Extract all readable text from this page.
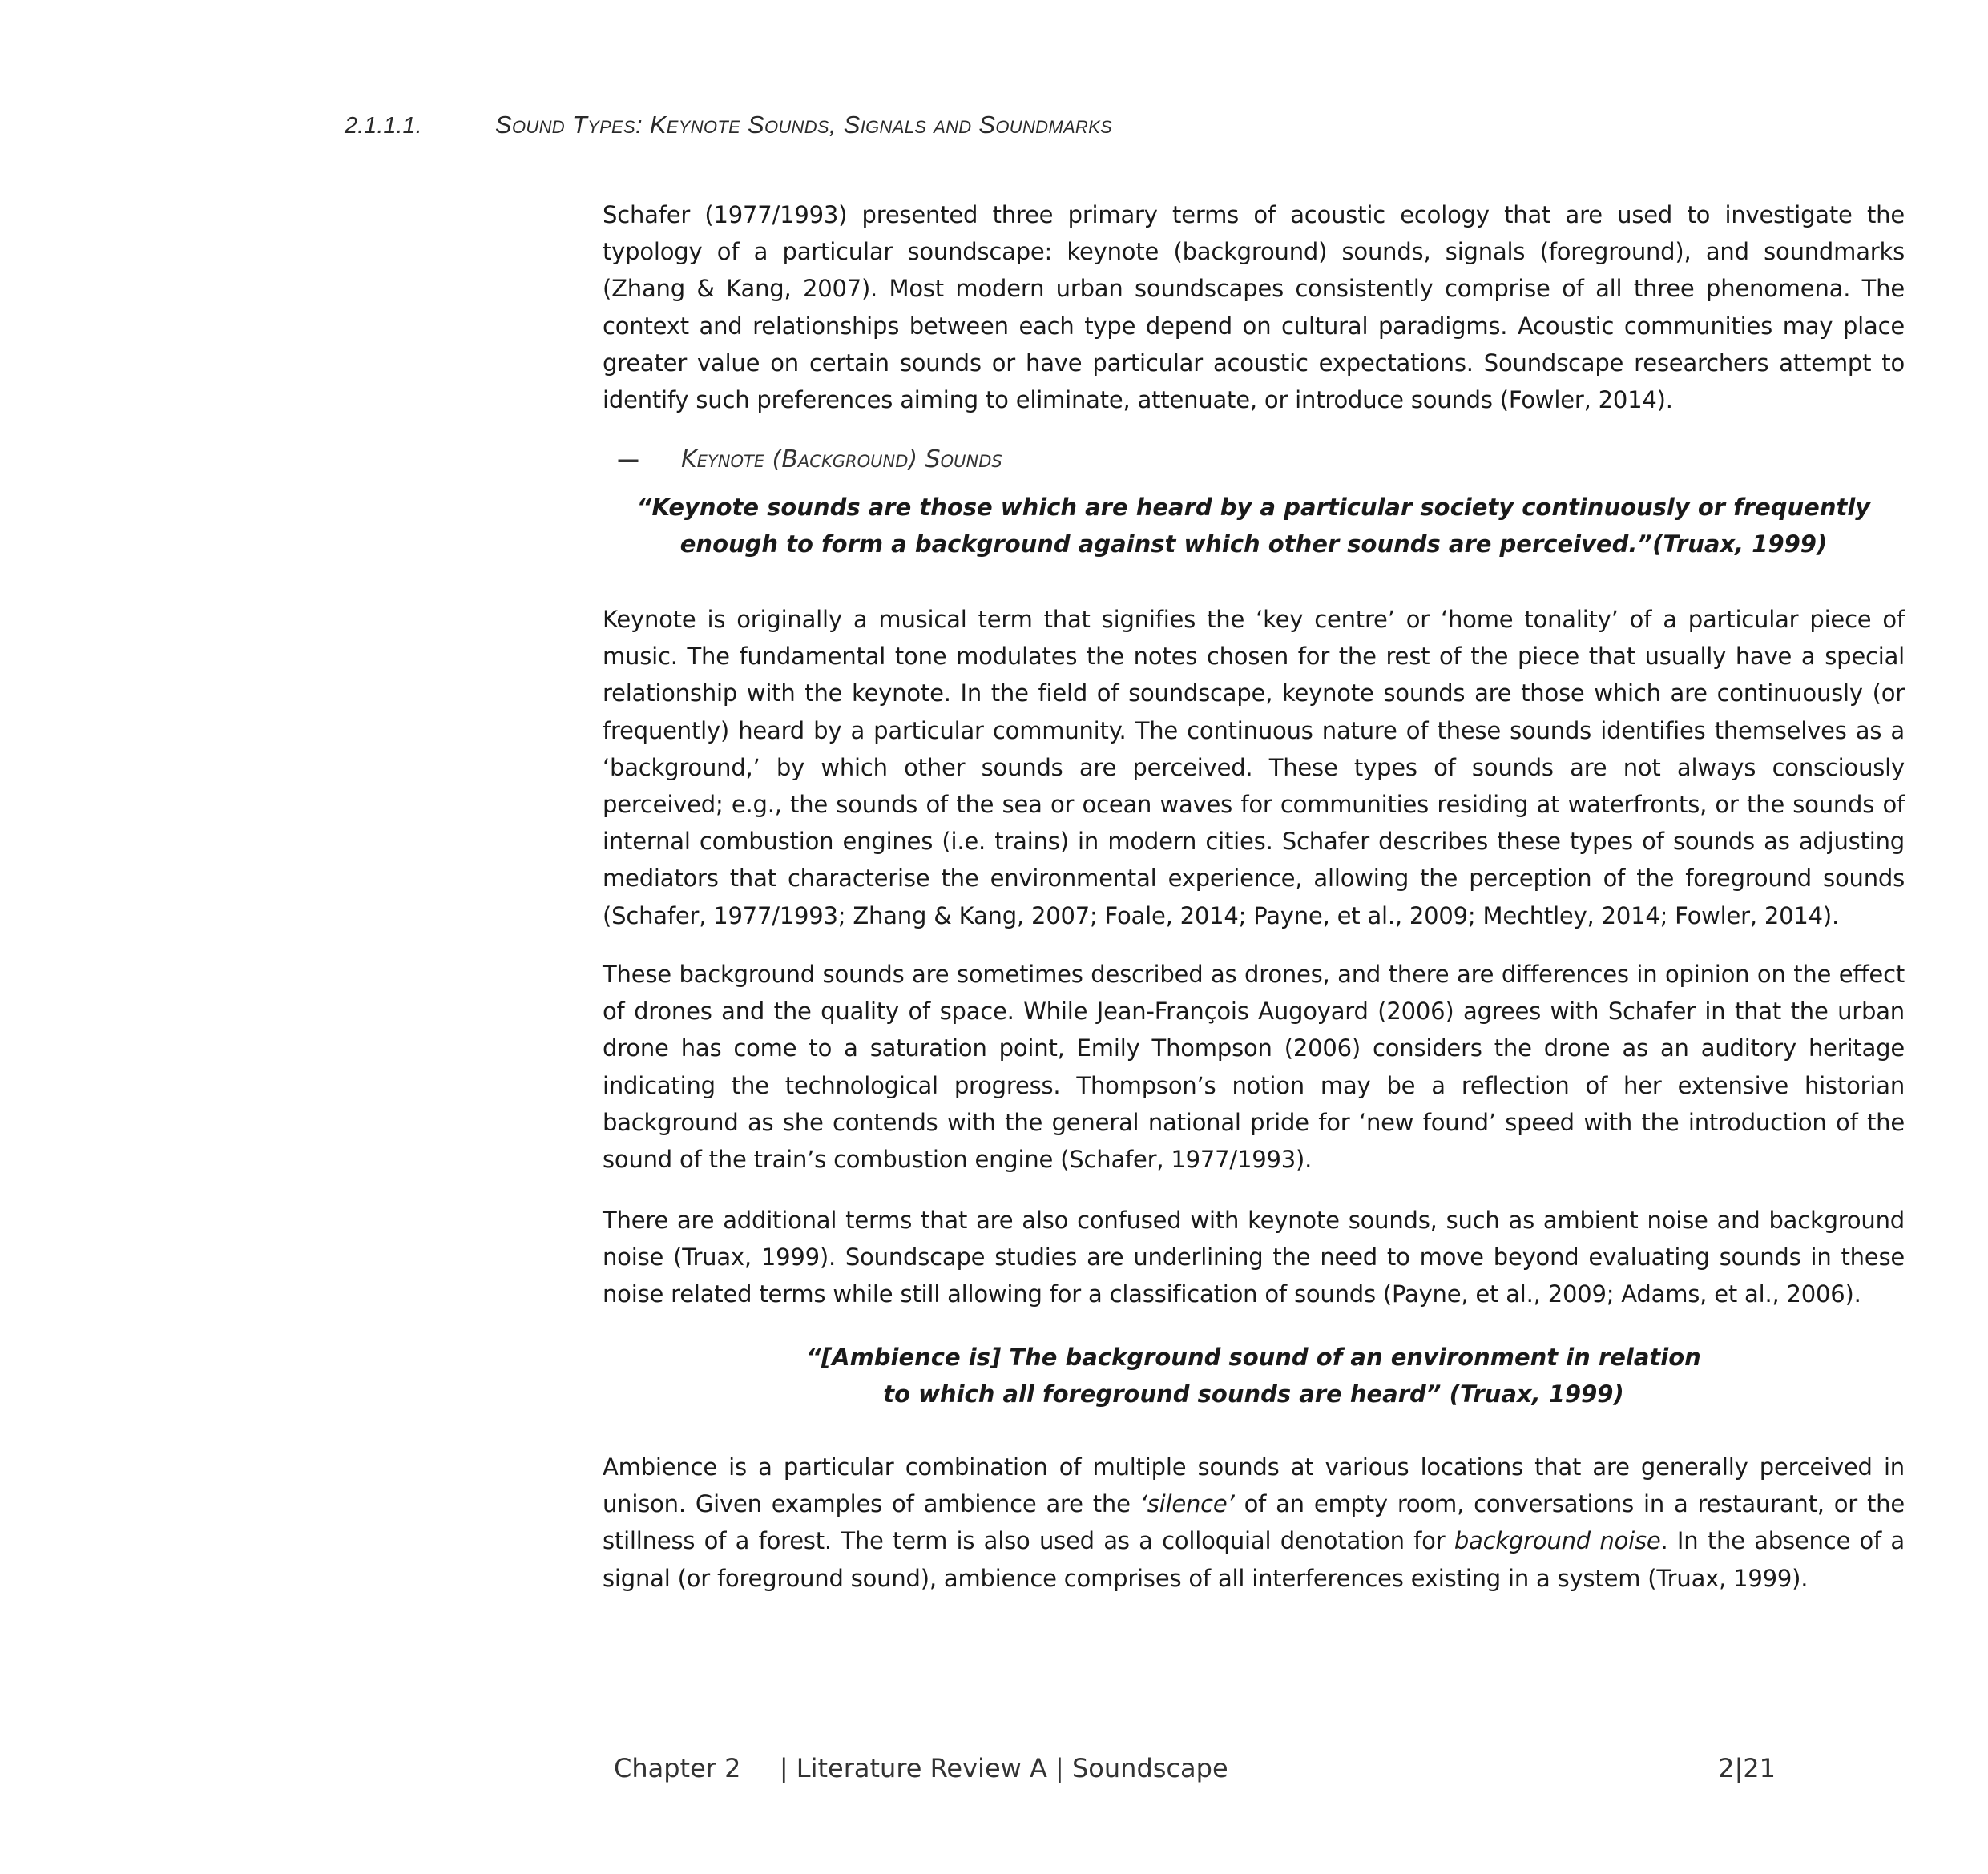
2.1.1.1.	Sound Types: Keynote Sounds, Signals and Soundmarks

Schafer (1977/1993) presented three primary terms of acoustic ecology that are used to investigate the typology of a particular soundscape: keynote (background) sounds, signals (foreground), and soundmarks (Zhang & Kang, 2007). Most modern urban soundscapes consistently comprise of all three phenomena. The context and relationships between each type depend on cultural paradigms. Acoustic communities may place greater value on certain sounds or have particular acoustic expectations. Soundscape researchers attempt to identify such preferences aiming to eliminate, attenuate, or introduce sounds (Fowler, 2014).

— Keynote (Background) Sounds
“Keynote sounds are those which are heard by a particular society continuously or frequently
enough to form a background against which other sounds are perceived.”(Truax, 1999)

Keynote is originally a musical term that signifies the ‘key centre’ or ‘home tonality’ of a particular piece of music. The fundamental tone modulates the notes chosen for the rest of the piece that usually have a special relationship with the keynote. In the field of soundscape, keynote sounds are those which are continuously (or frequently) heard by a particular community. The continuous nature of these sounds identifies themselves as a ‘background,’ by which other sounds are perceived. These types of sounds are not always consciously perceived; e.g., the sounds of the sea or ocean waves for communities residing at waterfronts, or the sounds of internal combustion engines (i.e. trains) in modern cities. Schafer describes these types of sounds as adjusting mediators that characterise the environmental experience, allowing the perception of the foreground sounds (Schafer, 1977/1993; Zhang & Kang, 2007; Foale, 2014; Payne, et al., 2009; Mechtley, 2014; Fowler, 2014).

These background sounds are sometimes described as drones, and there are differences in opinion on the effect of drones and the quality of space. While Jean-François Augoyard (2006) agrees with Schafer in that the urban drone has come to a saturation point, Emily Thompson (2006) considers the drone as an auditory heritage indicating the technological progress. Thompson’s notion may be a reflection of her extensive historian background as she contends with the general national pride for ‘new found’ speed with the introduction of the sound of the train’s combustion engine (Schafer, 1977/1993).

There are additional terms that are also confused with keynote sounds, such as ambient noise and background noise (Truax, 1999). Soundscape studies are underlining the need to move beyond evaluating sounds in these noise related terms while still allowing for a classification of sounds (Payne, et al., 2009; Adams, et al., 2006).

“[Ambience is] The background sound of an environment in relation
to which all foreground sounds are heard” (Truax, 1999)

Ambience is a particular combination of multiple sounds at various locations that are generally perceived in unison. Given examples of ambience are the ‘silence’ of an empty room, conversations in a restaurant, or the stillness of a forest. The term is also used as a colloquial denotation for background noise. In the absence of a signal (or foreground sound), ambience comprises of all interferences existing in a system (Truax, 1999).

Chapter 2 | Literature Review A | Soundscape	2|21
